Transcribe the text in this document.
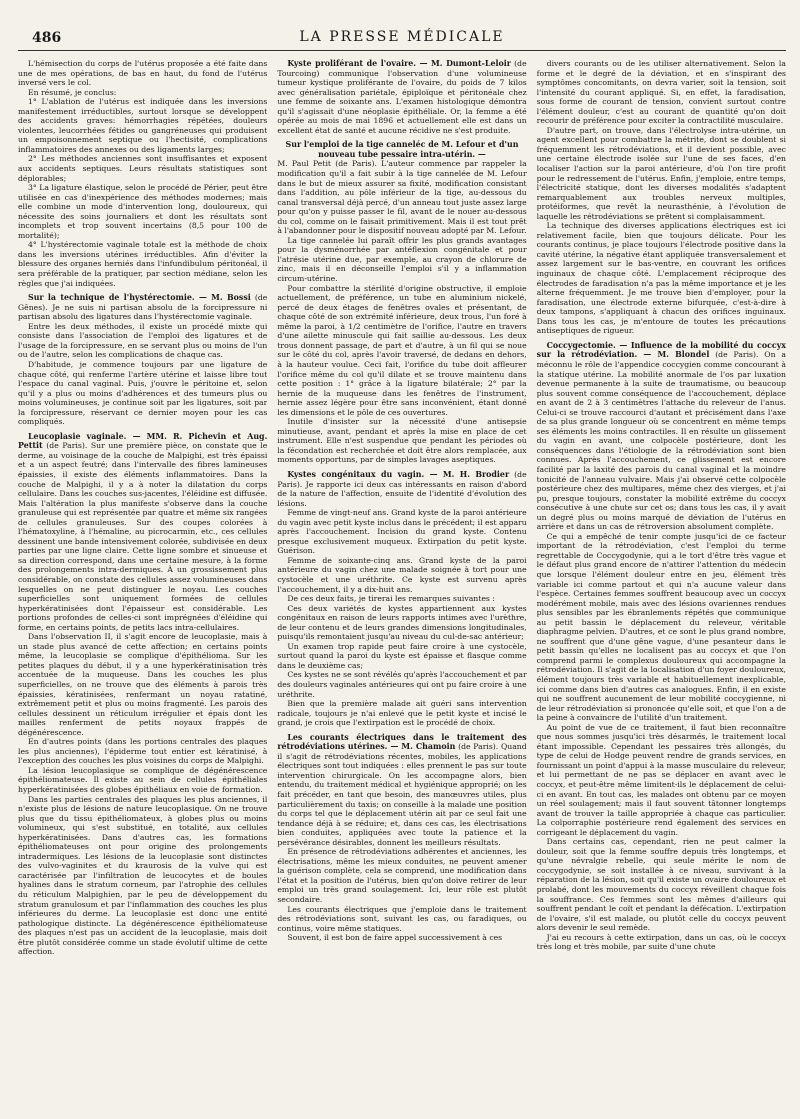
486	LA PRESSE MÉDICALE

L'hémisection du corps de l'utérus proposée a été faite dans une de mes opérations, de bas en haut, du fond de l'utérus inversé vers le col.

En résumé, je conclus:

1° L'ablation de l'utérus est indiquée dans les inversions manifestement irréductibles, surtout lorsque se développent des accidents graves: hémorrhagies répétées, douleurs violentes, leucorrhées fétides ou gangréneuses qui produisent un empoisonnement septique ou l'hectisité, complications inflammatoires des annexes ou des ligaments larges;

2° Les méthodes anciennes sont insuffisantes et exposent aux accidents septiques. Leurs résultats statistiques sont déplorables;

3° La ligature élastique, selon le procédé de Périer, peut être utilisée en cas d'inexpérience des méthodes modernes; mais elle combine un mode d'intervention long, douloureux, qui nécessite des soins journaliers et dont les résultats sont incomplets et trop souvent incertains (8,5 pour 100 de mortalité);

4° L'hystérectomie vaginale totale est la méthode de choix dans les inversions utérines irréductibles. Afin d'éviter la blessure des organes herniés dans l'infundibulum péritonéal, il sera préférable de la pratiquer, par section médiane, selon les règles que j'ai indiquées.

Sur la technique de l'hystérectomie. — M. Bossi (de Gênes). Je ne suis ni partisan absolu de la forcipressure ni partisan absolu des ligatures dans l'hystérectomie vaginale.

Entre les deux méthodes, il existe un procédé mixte qui consiste dans l'association de l'emploi des ligatures et de l'usage de la forcipressure, en se servant plus ou moins de l'un ou de l'autre, selon les complications de chaque cas.

D'habitude, je commence toujours par une ligature de chaque côté, qui renferme l'artère utérine et laisse libre tout l'espace du canal vaginal. Puis, j'ouvre le péritoine et, selon qu'il y a plus ou moins d'adhérences et des tumeurs plus ou moins volumineuses, je continue soit par les ligatures, soit par la forcipressure, réservant ce dernier moyen pour les cas compliqués.

Leucoplasie vaginale. — MM. R. Pichevin et Aug. Pettit (de Paris). Sur une première pièce, on constate que le derme, au voisinage de la couche de Malpighi, est très épaissi et a un aspect feutré; dans l'intervalle des fibres lamineuses épaissies, il existe des éléments inflammatoires. Dans la couche de Malpighi, il y a à noter la dilatation du corps cellulaire. Dans les couches sus-jacentes, l'éléidine est diffusée. Mais l'altération la plus manifeste s'observe dans la couche granuleuse qui est représentée par quatre et même six rangées de cellules granuleuses. Sur des coupes colorées à l'hématoxyline, à l'hémaline, au picrocarmin, etc., ces cellules dessinent une bande intensivement colorée, subdivisée en deux parties par une ligne claire. Cette ligne sombre et sinueuse et sa direction correspond, dans une certaine mesure, à la forme des prolongements intra-dermiques. À un grossissement plus considérable, on constate des cellules assez volumineuses dans lesquelles on ne peut distinguer le noyau. Les couches superficielles sont uniquement formées de cellules hyperkératinisées dont l'épaisseur est considérable. Les portions profondes de celles-ci sont imprégnées d'éléidine qui forme, en certains points, de petits lacs intra-cellulaires.

Dans l'observation II, il s'agit encore de leucoplasie, mais à un stade plus avancé de cette affection; en certains points même, la leucoplasie se complique d'épithélioma. Sur les petites plaques du début, il y a une hyperkératinisation très accentuée de la muqueuse. Dans les couches les plus superficielles, on ne trouve que des éléments à parois très épaissies, kératinisées, renfermant un noyau ratatiné, extrêmement petit et plus ou moins fragmenté. Les parois des cellules dessinent un réticulum irrégulier et épais dont les mailles renferment de petits noyaux frappés de dégénérescence.

En d'autres points (dans les portions centrales des plaques les plus anciennes), l'épiderme tout entier est kératinisé, à l'exception des couches les plus voisines du corps de Malpighi.

La lésion leucoplasique se complique de dégénérescence épithéliomateuse. Il existe au sein de cellules épithéliales hyperkératinisées des globes épithéliaux en voie de formation.

Dans les parties centrales des plaques les plus anciennes, il n'existe plus de lésions de nature leucoplasique. On ne trouve plus que du tissu épithéliomateux, à globes plus ou moins volumineux, qui s'est substitué, en totalité, aux cellules hyperkératinisées. Dans d'autres cas, les formations épithéliomateuses ont pour origine des prolongements intradermiques. Les lésions de la leucoplasie sont distinctes des vulvo-vaginites et du kraurosis de la vulve qui est caractérisée par l'infiltration de leucocytes et de boules hyalines dans le stratum corneum, par l'atrophie des cellules du réticulum Malpighien, par le peu de développement du stratum granulosum et par l'inflammation des couches les plus inférieures du derme. La leucoplasie est donc une entité pathologique distincte. La dégénérescence épithéliomateuse des plaques n'est pas un accident de la leucoplasie, mais doit être plutôt considérée comme un stade évolutif ultime de cette affection.

Kyste proliférant de l'ovaire. — M. Dumont-Leloir (de Tourcoing) communique l'observation d'une volumineuse tumeur kystique proliférante de l'ovaire, du poids de 7 kilos avec généralisation pariétale, épiploïque et péritonéale chez une femme de soixante ans. L'examen histologique démontra qu'il s'agissait d'une néoplasie épithéliale. Or, la femme a été opérée au mois de mai 1896 et actuellement elle est dans un excellent état de santé et aucune récidive ne s'est produite.

Sur l'emploi de la tige canneléc de M. Lefour et d'un nouveau tube pessaire intra-utérin. —
M. Paul Petit (de Paris). L'auteur commence par rappeler la modification qu'il a fait subir à la tige cannelée de M. Lefour dans le but de mieux assurer sa fixité, modification consistant dans l'addition, au pôle inférieur de la tige, au-dessous du canal transversal déjà percé, d'un anneau tout juste assez large pour qu'on y puisse passer le fil, avant de le nouer au-dessous du col, comme on le faisait primitivement. Mais il est tout prêt à l'abandonner pour le dispositif nouveau adopté par M. Lefour.

La tige cannelée lui paraît offrir les plus grands avantages pour la dysménorrhée par antéflexion congénitale et pour l'atrésie utérine due, par exemple, au crayon de chlorure de zinc, mais il en déconseille l'emploi s'il y a inflammation circum-utérine.

Pour combattre la stérilité d'origine obstructive, il emploie actuellement, de préférence, un tube en aluminium nickelé, percé de deux étages de fenêtres ovales et présentant, de chaque côté de son extrémité inférieure, deux trous, l'un foré à même la paroi, à 1/2 centimètre de l'orifice, l'autre en travers d'une ailette minuscule qui fait saillie au-dessous. Les deux trous donnent passage, de part et d'autre, à un fil qui se noue sur le côté du col, après l'avoir traversé, de dedans en dehors, à la hauteur voulue. Ceci fait, l'orifice du tube doit affleurer l'orifice même du col qu'il dilate et se trouve maintenu dans cette position : 1° grâce à la ligature bilatérale; 2° par la hernie de la muqueuse dans les fenêtres de l'instrument, hernie assez légère pour être sans inconvénient, étant donné les dimensions et le pôle de ces ouvertures.

Inutile d'insister sur la nécessité d'une antisepsie minutieuse, avant, pendant et après la mise en place de cet instrument. Elle n'est suspendue que pendant les périodes où la fécondation est recherchée et doit être alors remplacée, aux moments opportuns, par de simples lavages aseptiques.

Kystes congénitaux du vagin. — M. H. Brodier (de Paris). Je rapporte ici deux cas intéressants en raison d'abord de la nature de l'affection, ensuite de l'identité d'évolution des lésions.

Femme de vingt-neuf ans. Grand kyste de la paroi antérieure du vagin avec petit kyste inclus dans le précédent; il est apparu après l'accouchement. Incision du grand kyste. Contenu presque exclusivement muqueux. Extirpation du petit kyste. Guérison.

Femme de soixante-cinq ans. Grand kyste de la paroi antérieure du vagin chez une malade soignée à tort pour une cystocèle et une uréthrite. Ce kyste est survenu après l'accouchement, il y a dix-huit ans.

De ces deux faits, je tirerai les remarques suivantes :

Ces deux variétés de kystes appartiennent aux kystes congénitaux en raison de leurs rapports intimes avec l'urèthre, de leur contenu et de leurs grandes dimensions longitudinales, puisqu'ils remontaient jusqu'au niveau du cul-de-sac antérieur;

Un examen trop rapide peut faire croire à une cystocèle, surtout quand la paroi du kyste est épaisse et flasque comme dans le deuxième cas;

Ces kystes ne se sont révélés qu'après l'accouchement et par des douleurs vaginales antérieures qui ont pu faire croire à une uréthrite.

Bien que la première malade ait guéri sans intervention radicale, toujours je n'ai enlevé que le petit kyste et incisé le grand, je crois que l'extirpation est le procédé de choix.

Les courants électriques dans le traitement des rétrodéviations utérines. — M. Chamoin (de Paris). Quand il s'agit de rétrodéviations récentes, mobiles, les applications électriques sont tout indiquées : elles prennent le pas sur toute intervention chirurgicale. On les accompagne alors, bien entendu, du traitement médical et hygiénique approprié; on les fait précéder, en tant que besoin, des manœuvres utiles, plus particulièrement du taxis; on conseille à la malade une position du corps tel que le déplacement utérin ait par ce seul fait une tendance déjà à se réduire; et, dans ces cas, les électrisations bien conduites, appliquées avec toute la patience et la persévérance désirables, donnent les meilleurs résultats.

En présence de rétrodéviations adhérentes et anciennes, les électrisations, même les mieux conduites, ne peuvent amener la guérison complète, cela se comprend, une modification dans l'état et la position de l'utérus, bien qu'on doive retirer de leur emploi un très grand soulagement. Ici, leur rôle est plutôt secondaire.

Les courants électriques que j'emploie dans le traitement des rétrodéviations sont, suivant les cas, ou faradiques, ou continus, voire même statiques.

Souvent, il est bon de faire appel successivement à ces

divers courants ou de les utiliser alternativement. Selon la forme et le degré de la déviation, et en s'inspirant des symptômes concomitants, on devra varier, soit la tension, soit l'intensité du courant appliqué. Si, en effet, la faradisation, sous forme de courant de tension, convient surtout contre l'élément douleur, c'est au courant de quantité qu'on doit recourir de préférence pour exciter la contractilité musculaire.

D'autre part, on trouve, dans l'électrolyse intra-utérine, un agent excellent pour combattre la métrite, dont se doublent si fréquemment les rétrodéviations, et il devient possible, avec une certaine électrode isolée sur l'une de ses faces, d'en localiser l'action sur la paroi antérieure, d'où l'on tire profit pour le redressement de l'utérus. Enfin, j'emploie, entre temps, l'électricité statique, dont les diverses modalités s'adaptent remarquablement aux troubles nerveux multiples, protéiformes, que revêt la neurasthénie, à l'évolution de laquelle les rétrodéviations se prêtent si complaisamment.

La technique des diverses applications électriques est ici relativement facile, bien que toujours délicate. Pour les courants continus, je place toujours l'électrode positive dans la cavité utérine, la négative étant appliquée transversalement et assez largement sur le bas-ventre, en couvrant les orifices inguinaux de chaque côté. L'emplacement réciproque des électrodes de faradisation n'a pas la même importance et je les alterne fréquemment. Je me trouve bien d'employer, pour la faradisation, une électrode externe bifurquée, c'est-à-dire à deux tampons, s'appliquant à chacun des orifices inguinaux. Dans tous les cas, je m'entoure de toutes les précautions antiseptiques de rigueur.

Coccygectomie. — Influence de la mobilité du coccyx sur la rétrodéviation. — M. Blondel (de Paris). On a méconnu le rôle de l'appendice coccygien comme concourant à la statique utérine. La mobilité anormale de l'os par luxation devenue permanente à la suite de traumatisme, ou beaucoup plus souvent comme conséquence de l'accouchement, déplace en avant de 2 à 3 centimètres l'attache du releveur de l'anus. Celui-ci se trouve raccourci d'autant et précisément dans l'axe de sa plus grande longueur où se concentrent en même temps ses éléments les moins contractiles. Il en résulte un glissement du vagin en avant, une colpocèle postérieure, dont les conséquences dans l'étiologie de la rétrodéviation sont bien connues. Après l'accouchement, ce glissement est encore facilité par la laxité des parois du canal vaginal et la moindre tonicité de l'anneau vulvaire. Mais j'ai observé cette colpocèle postérieure chez des multipares, même chez des vierges, et j'ai pu, presque toujours, constater la mobilité extrême du coccyx consécutive à une chute sur cet os; dans tous les cas, il y avait un degré plus ou moins marqué de déviation de l'utérus en arrière et dans un cas de rétroversion absolument complète.

Ce qui a empêché de tenir compte jusqu'ici de ce facteur important de la rétrodéviation, c'est l'emploi du terme regrettable de Coccygodynie, qui a le tort d'être très vague et le défaut plus grand encore de n'attirer l'attention du médecin que lorsque l'élément douleur entre en jeu, élément très variable ici comme partout et qui n'a aucune valeur dans l'espèce. Certaines femmes souffrent beaucoup avec un coccyx modérément mobile, mais avec des lésions ovariennes rendues plus sensibles par les ébranlements répétés que communique au petit bassin le déplacement du releveur, véritable diaphragme pelvien. D'autres, et ce sont le plus grand nombre, ne souffrent que d'une gêne vague, d'une pesanteur dans le petit bassin qu'elles ne localisent pas au coccyx et que l'on comprend parmi le complexus douloureux qui accompagne la rétrodéviation. Il s'agit de la localisation d'un foyer douloureux, élément toujours très variable et habituellement inexplicable, ici comme dans bien d'autres cas analogues. Enfin, il en existe qui ne souffrent aucunement de leur mobilité coccygienne, ni de leur rétrodéviation si prononcée qu'elle soit, et que l'on a de la peine à convaincre de l'utilité d'un traitement.

Au point de vue de ce traitement, il faut bien reconnaître que nous sommes jusqu'ici très désarmés, le traitement local étant impossible. Cependant les pessaires très allongés, du type de celui de Hodge peuvent rendre de grands services, en fournissant un point d'appui à la masse musculaire du releveur, et lui permettant de ne pas se déplacer en avant avec le coccyx, et peut-être même limitent-ils le déplacement de celui-ci en avant. En tout cas, les malades ont obtenu par ce moyen un réel soulagement; mais il faut souvent tâtonner longtemps avant de trouver la taille appropriée à chaque cas particulier. La colporraphie postérieure rend également des services en corrigeant le déplacement du vagin.

Dans certains cas, cependant, rien ne peut calmer la douleur, soit que la femme souffre depuis très longtemps, et qu'une névralgie rebelle, qui seule mérite le nom de coccygodynie, se soit installée à ce niveau, survivant à la réparation de la lésion, soit qu'il existe un ovaire douloureux et prolabé, dont les mouvements du coccyx réveillent chaque fois la souffrance. Ces femmes sont les mêmes d'ailleurs qui souffrent pendant le coït et pendant la défécation. L'extirpation de l'ovaire, s'il est malade, ou plutôt celle du coccyx peuvent alors devenir le seul remède.

J'ai eu recours à cette extirpation, dans un cas, où le coccyx très long et très mobile, par suite d'une chute
